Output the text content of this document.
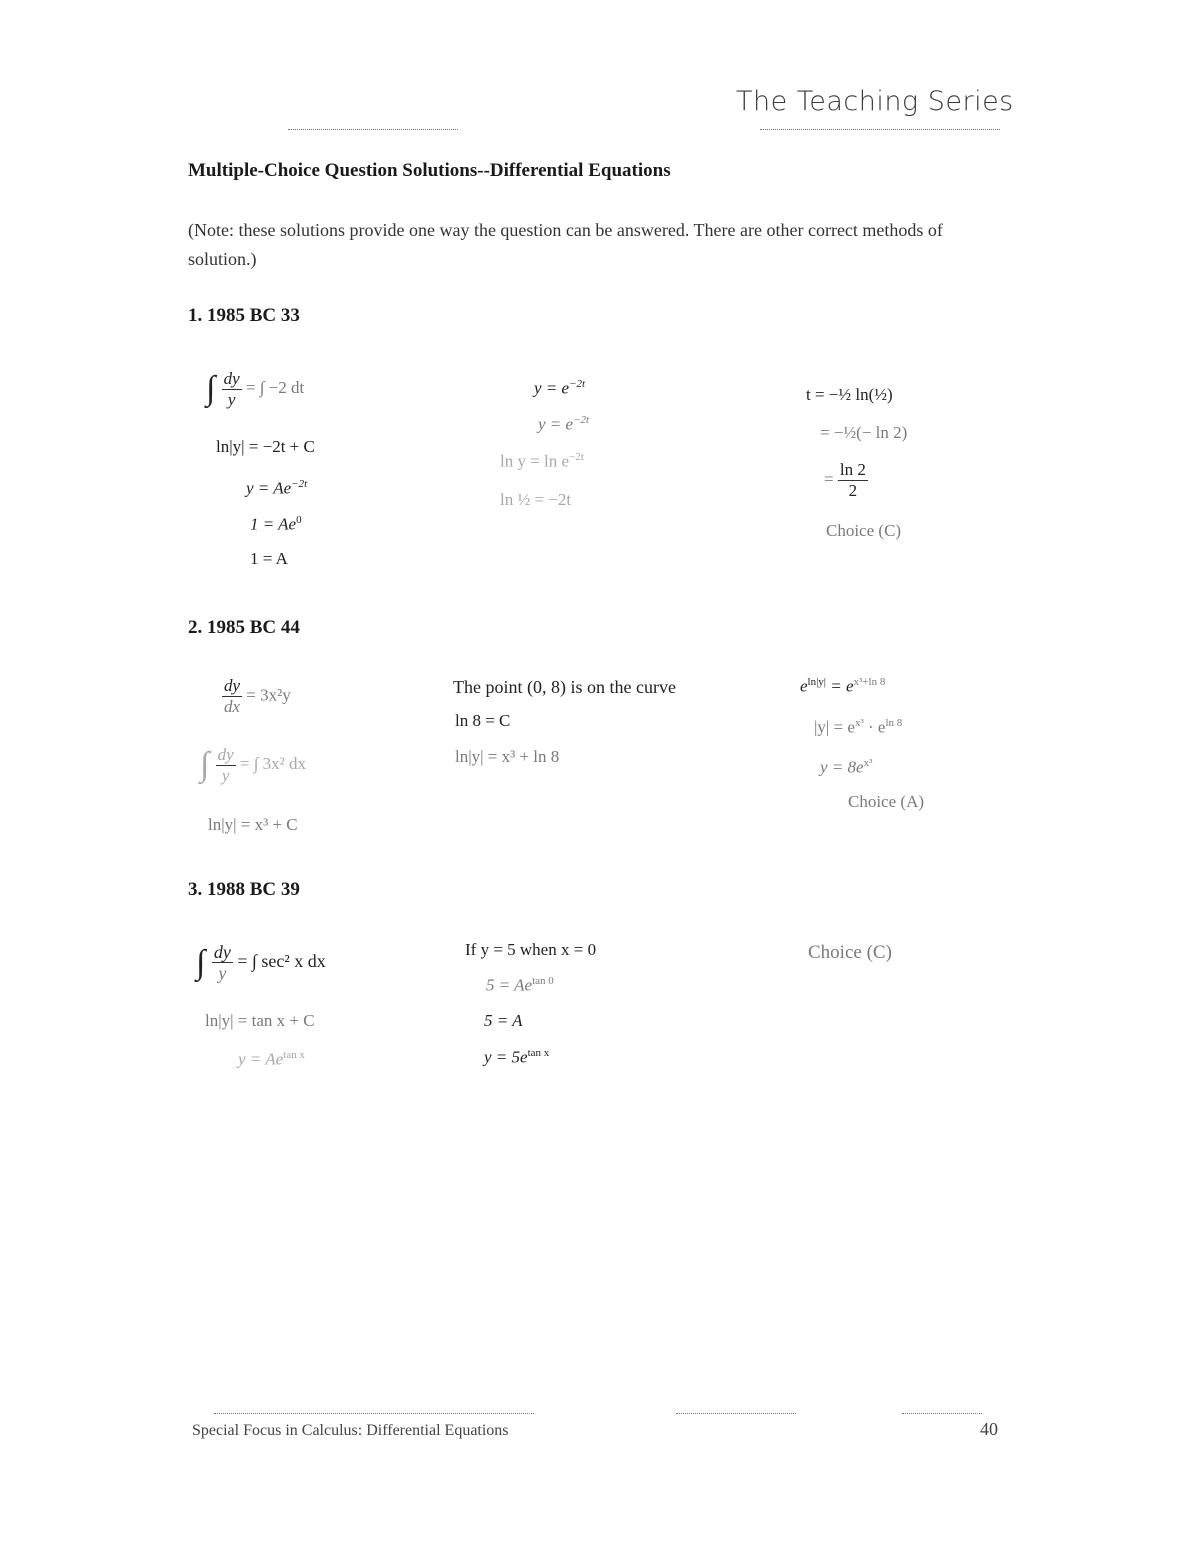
The Teaching Series
Multiple-Choice Question Solutions--Differential Equations
(Note: these solutions provide one way the question can be answered. There are other correct methods of solution.)
1. 1985 BC 33
∫ $\frac{dy}{y}$ = ∫ −2 dt
ln|y| = −2t + C
$y = Ae^{-2t}$
$1 = Ae^0$
1 = A
$y = e^{-2t}$
$y = e^{-2t}$
$\ln y = \ln e^{-2t}$
ln ½ = −2t
t = −½ ln(½)
= −½(− ln 2)
= $\frac{\ln 2}{2}$
Choice (C)
2. 1985 BC 44
$\frac{dy}{dx} = 3x^2y$
∫ $\frac{dy}{y}$ = ∫ 3x² dx
ln|y| = x³ + C
The point (0, 8) is on the curve
ln 8 = C
ln|y| = x³ + ln 8
$e^{ln|y|} = e^{x^3+ln 8}$
$|y| = e^{x^3} \cdot e^{ln 8}$
$y = 8e^{x^3}$
Choice (A)
3. 1988 BC 39
∫ $\frac{dy}{y}$ = ∫ sec² x dx
ln|y| = tan x + C
$y = Ae^{tan x}$
If y = 5 when x = 0
$5 = Ae^{tan 0}$
5 = A
$y = 5e^{tan x}$
Choice (C)
Special Focus in Calculus: Differential Equations	40
